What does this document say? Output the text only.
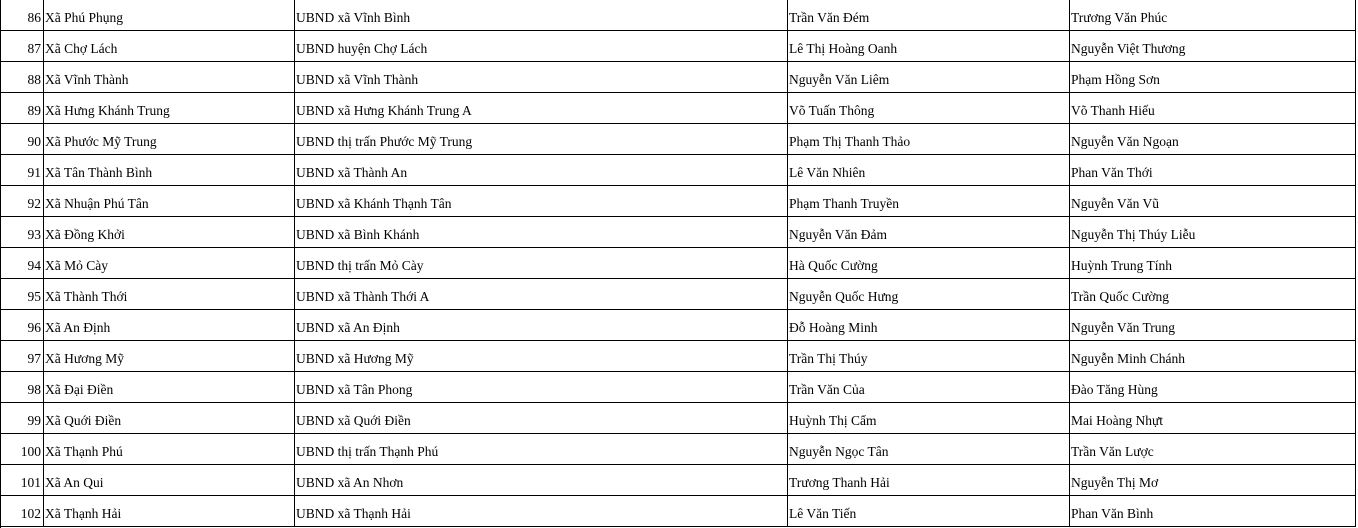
86 Xã Phú Phụng	UBND xã Vĩnh Bình	Trần Văn Đém	Trương Văn Phúc
87 Xã Chợ Lách	UBND huyện Chợ Lách	Lê Thị Hoàng Oanh	Nguyễn Việt Thương
88 Xã Vĩnh Thành	UBND xã Vĩnh Thành	Nguyễn Văn Liêm	Phạm Hồng Sơn
89 Xã Hưng Khánh Trung	UBND xã Hưng Khánh Trung A	Võ Tuấn Thông	Võ Thanh Hiếu
90 Xã Phước Mỹ Trung	UBND thị trấn Phước Mỹ Trung	Phạm Thị Thanh Thảo	Nguyễn Văn Ngoạn
91 Xã Tân Thành Bình	UBND xã Thành An	Lê Văn Nhiên	Phan Văn Thới
92 Xã Nhuận Phú Tân	UBND xã Khánh Thạnh Tân	Phạm Thanh Truyền	Nguyễn Văn Vũ
93 Xã Đồng Khởi	UBND xã Bình Khánh	Nguyễn Văn Đảm	Nguyễn Thị Thúy Liễu
94 Xã Mỏ Cày	UBND thị trấn Mỏ Cày	Hà Quốc Cường	Huỳnh Trung Tính
95 Xã Thành Thới	UBND xã Thành Thới A	Nguyễn Quốc Hưng	Trần Quốc Cường
96 Xã An Định	UBND xã An Định	Đỗ Hoàng Minh	Nguyễn Văn Trung
97 Xã Hương Mỹ	UBND xã Hương Mỹ	Trần Thị Thúy	Nguyễn Minh Chánh
98 Xã Đại Điền	UBND xã Tân Phong	Trần Văn Của	Đào Tăng Hùng
99 Xã Quới Điền	UBND xã Quới Điền	Huỳnh Thị Cẩm	Mai Hoàng Nhựt
100 Xã Thạnh Phú	UBND thị trấn Thạnh Phú	Nguyễn Ngọc Tân	Trần Văn Lược
101 Xã An Qui	UBND xã An Nhơn	Trương Thanh Hải	Nguyễn Thị Mơ
102 Xã Thạnh Hải	UBND xã Thạnh Hải	Lê Văn Tiến	Phan Văn Bình
